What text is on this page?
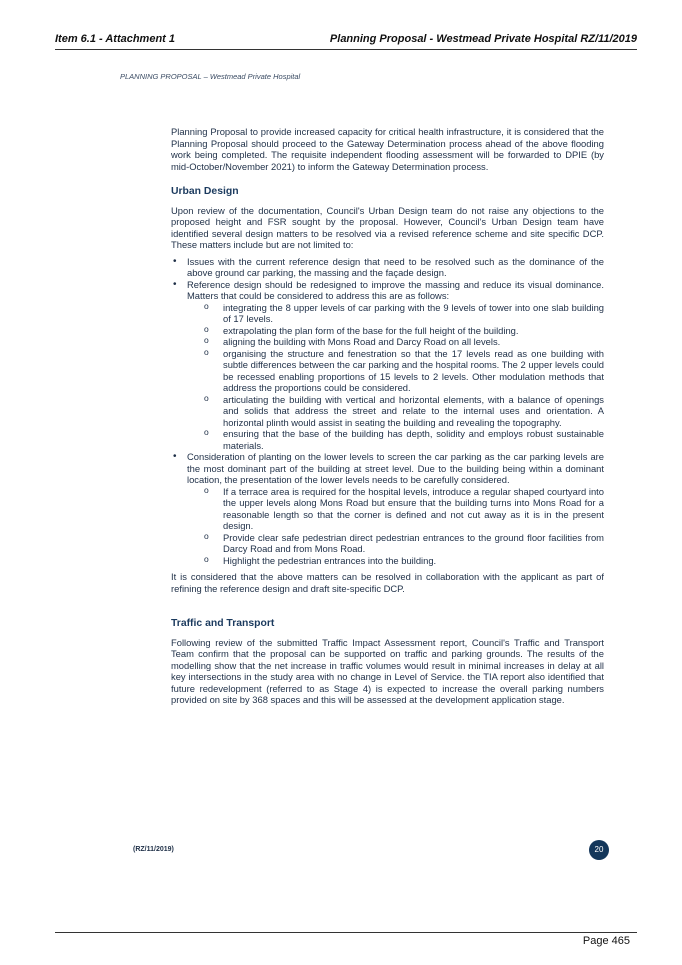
Item 6.1 - Attachment 1	Planning Proposal - Westmead Private Hospital RZ/11/2019
PLANNING PROPOSAL – Westmead Private Hospital

Planning Proposal to provide increased capacity for critical health infrastructure, it is considered that the Planning Proposal should proceed to the Gateway Determination process ahead of the above flooding work being completed. The requisite independent flooding assessment will be forwarded to DPIE (by mid-October/November 2021) to inform the Gateway Determination process.

Urban Design

Upon review of the documentation, Council's Urban Design team do not raise any objections to the proposed height and FSR sought by the proposal. However, Council's Urban Design team have identified several design matters to be resolved via a revised reference scheme and site specific DCP. These matters include but are not limited to:

• Issues with the current reference design that need to be resolved such as the dominance of the above ground car parking, the massing and the façade design.
• Reference design should be redesigned to improve the massing and reduce its visual dominance. Matters that could be considered to address this are as follows:
o integrating the 8 upper levels of car parking with the 9 levels of tower into one slab building of 17 levels.
o extrapolating the plan form of the base for the full height of the building.
o aligning the building with Mons Road and Darcy Road on all levels.
o organising the structure and fenestration so that the 17 levels read as one building with subtle differences between the car parking and the hospital rooms. The 2 upper levels could be recessed enabling proportions of 15 levels to 2 levels. Other modulation methods that address the proportions could be considered.
o articulating the building with vertical and horizontal elements, with a balance of openings and solids that address the street and relate to the internal uses and orientation. A horizontal plinth would assist in seating the building and revealing the topography.
o ensuring that the base of the building has depth, solidity and employs robust sustainable materials.
• Consideration of planting on the lower levels to screen the car parking as the car parking levels are the most dominant part of the building at street level. Due to the building being within a dominant location, the presentation of the lower levels needs to be carefully considered.
o If a terrace area is required for the hospital levels, introduce a regular shaped courtyard into the upper levels along Mons Road but ensure that the building turns into Mons Road for a reasonable length so that the corner is defined and not cut away as it is in the present design.
o Provide clear safe pedestrian direct pedestrian entrances to the ground floor facilities from Darcy Road and from Mons Road.
o Highlight the pedestrian entrances into the building.

It is considered that the above matters can be resolved in collaboration with the applicant as part of refining the reference design and draft site-specific DCP.

Traffic and Transport

Following review of the submitted Traffic Impact Assessment report, Council's Traffic and Transport Team confirm that the proposal can be supported on traffic and parking grounds. The results of the modelling show that the net increase in traffic volumes would result in minimal increases in delay at all key intersections in the study area with no change in Level of Service. the TIA report also identified that future redevelopment (referred to as Stage 4) is expected to increase the overall parking numbers provided on site by 368 spaces and this will be assessed at the development application stage.

(RZ/11/2019)	20
Page 465
